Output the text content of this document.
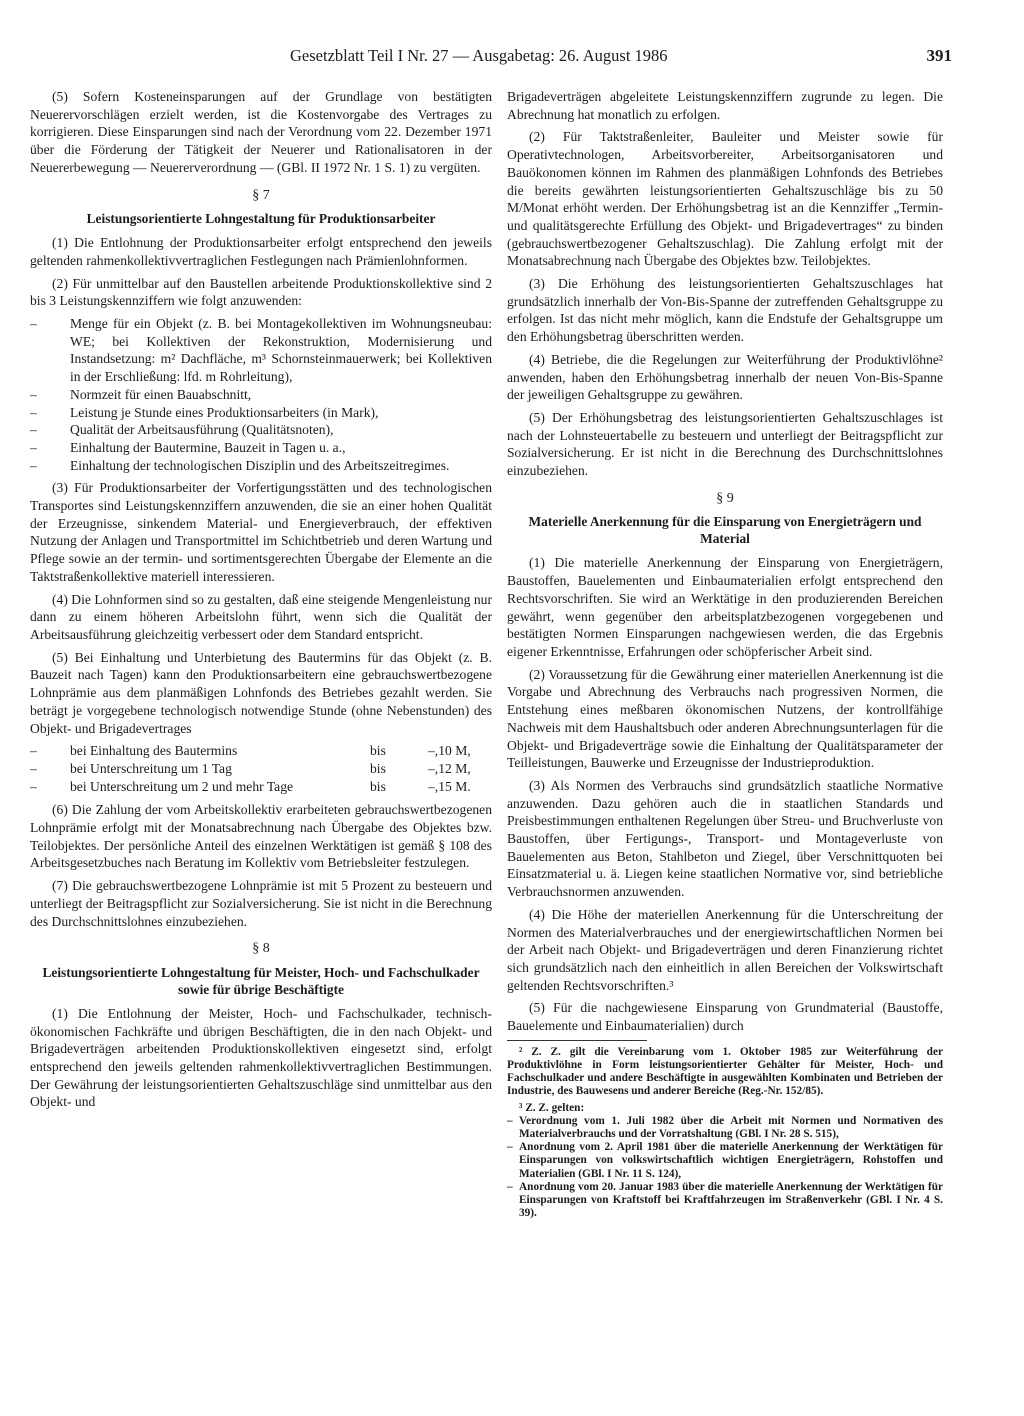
Gesetzblatt Teil I Nr. 27 — Ausgabetag: 26. August 1986	391

(5) Sofern Kosteneinsparungen auf der Grundlage von bestätigten Neuerervorschlägen erzielt werden, ist die Kostenvorgabe des Vertrages zu korrigieren. Diese Einsparungen sind nach der Verordnung vom 22. Dezember 1971 über die Förderung der Tätigkeit der Neuerer und Rationalisatoren in der Neuererbewegung — Neuererverordnung — (GBl. II 1972 Nr. 1 S. 1) zu vergüten.

§ 7
Leistungsorientierte Lohngestaltung für Produktionsarbeiter

(1) Die Entlohnung der Produktionsarbeiter erfolgt entsprechend den jeweils geltenden rahmenkollektivvertraglichen Festlegungen nach Prämienlohnformen.

(2) Für unmittelbar auf den Baustellen arbeitende Produktionskollektive sind 2 bis 3 Leistungskennziffern wie folgt anzuwenden:

– Menge für ein Objekt (z. B. bei Montagekollektiven im Wohnungsneubau: WE; bei Kollektiven der Rekonstruktion, Modernisierung und Instandsetzung: m² Dachfläche, m³ Schornsteinmauerwerk; bei Kollektiven in der Erschließung: lfd. m Rohrleitung),
– Normzeit für einen Bauabschnitt,
– Leistung je Stunde eines Produktionsarbeiters (in Mark),
– Qualität der Arbeitsausführung (Qualitätsnoten),
– Einhaltung der Bautermine, Bauzeit in Tagen u. a.,
– Einhaltung der technologischen Disziplin und des Arbeitszeitregimes.

(3) Für Produktionsarbeiter der Vorfertigungsstätten und des technologischen Transportes sind Leistungskennziffern anzuwenden, die sie an einer hohen Qualität der Erzeugnisse, sinkendem Material- und Energieverbrauch, der effektiven Nutzung der Anlagen und Transportmittel im Schichtbetrieb und deren Wartung und Pflege sowie an der termin- und sortimentsgerechten Übergabe der Elemente an die Taktstraßenkollektive materiell interessieren.

(4) Die Lohnformen sind so zu gestalten, daß eine steigende Mengenleistung nur dann zu einem höheren Arbeitslohn führt, wenn sich die Qualität der Arbeitsausführung gleichzeitig verbessert oder dem Standard entspricht.

(5) Bei Einhaltung und Unterbietung des Bautermins für das Objekt (z. B. Bauzeit nach Tagen) kann den Produktionsarbeitern eine gebrauchswertbezogene Lohnprämie aus dem planmäßigen Lohnfonds des Betriebes gezahlt werden. Sie beträgt je vorgegebene technologisch notwendige Stunde (ohne Nebenstunden) des Objekt- und Brigadevertrages

– bei Einhaltung des Bautermins	bis	–,10 M,
– bei Unterschreitung um 1 Tag	bis	–,12 M,
– bei Unterschreitung um 2 und mehr Tage	bis	–,15 M.

(6) Die Zahlung der vom Arbeitskollektiv erarbeiteten gebrauchswertbezogenen Lohnprämie erfolgt mit der Monatsabrechnung nach Übergabe des Objektes bzw. Teilobjektes. Der persönliche Anteil des einzelnen Werktätigen ist gemäß § 108 des Arbeitsgesetzbuches nach Beratung im Kollektiv vom Betriebsleiter festzulegen.

(7) Die gebrauchswertbezogene Lohnprämie ist mit 5 Prozent zu besteuern und unterliegt der Beitragspflicht zur Sozialversicherung. Sie ist nicht in die Berechnung des Durchschnittslohnes einzubeziehen.

§ 8
Leistungsorientierte Lohngestaltung für Meister, Hoch- und Fachschulkader sowie für übrige Beschäftigte

(1) Die Entlohnung der Meister, Hoch- und Fachschulkader, technisch-ökonomischen Fachkräfte und übrigen Beschäftigten, die in den nach Objekt- und Brigadeverträgen arbeitenden Produktionskollektiven eingesetzt sind, erfolgt entsprechend den jeweils geltenden rahmenkollektivvertraglichen Bestimmungen. Der Gewährung der leistungsorientierten Gehaltszuschläge sind unmittelbar aus den Objekt- und

Brigadeverträgen abgeleitete Leistungskennziffern zugrunde zu legen. Die Abrechnung hat monatlich zu erfolgen.

(2) Für Taktstraßenleiter, Bauleiter und Meister sowie für Operativtechnologen, Arbeitsvorbereiter, Arbeitsorganisatoren und Bauökonomen können im Rahmen des planmäßigen Lohnfonds des Betriebes die bereits gewährten leistungsorientierten Gehaltszuschläge bis zu 50 M/Monat erhöht werden. Der Erhöhungsbetrag ist an die Kennziffer „Termin- und qualitätsgerechte Erfüllung des Objekt- und Brigadevertrages“ zu binden (gebrauchswertbezogener Gehaltszuschlag). Die Zahlung erfolgt mit der Monatsabrechnung nach Übergabe des Objektes bzw. Teilobjektes.

(3) Die Erhöhung des leistungsorientierten Gehaltszuschlages hat grundsätzlich innerhalb der Von-Bis-Spanne der zutreffenden Gehaltsgruppe zu erfolgen. Ist das nicht mehr möglich, kann die Endstufe der Gehaltsgruppe um den Erhöhungsbetrag überschritten werden.

(4) Betriebe, die die Regelungen zur Weiterführung der Produktivlöhne² anwenden, haben den Erhöhungsbetrag innerhalb der neuen Von-Bis-Spanne der jeweiligen Gehaltsgruppe zu gewähren.

(5) Der Erhöhungsbetrag des leistungsorientierten Gehaltszuschlages ist nach der Lohnsteuertabelle zu besteuern und unterliegt der Beitragspflicht zur Sozialversicherung. Er ist nicht in die Berechnung des Durchschnittslohnes einzubeziehen.

§ 9
Materielle Anerkennung für die Einsparung von Energieträgern und Material

(1) Die materielle Anerkennung der Einsparung von Energieträgern, Baustoffen, Bauelementen und Einbaumaterialien erfolgt entsprechend den Rechtsvorschriften. Sie wird an Werktätige in den produzierenden Bereichen gewährt, wenn gegenüber den arbeitsplatzbezogenen vorgegebenen und bestätigten Normen Einsparungen nachgewiesen werden, die das Ergebnis eigener Erkenntnisse, Erfahrungen oder schöpferischer Arbeit sind.

(2) Voraussetzung für die Gewährung einer materiellen Anerkennung ist die Vorgabe und Abrechnung des Verbrauchs nach progressiven Normen, die Entstehung eines meßbaren ökonomischen Nutzens, der kontrollfähige Nachweis mit dem Haushaltsbuch oder anderen Abrechnungsunterlagen für die Objekt- und Brigadeverträge sowie die Einhaltung der Qualitätsparameter der Teilleistungen, Bauwerke und Erzeugnisse der Industrieproduktion.

(3) Als Normen des Verbrauchs sind grundsätzlich staatliche Normative anzuwenden. Dazu gehören auch die in staatlichen Standards und Preisbestimmungen enthaltenen Regelungen über Streu- und Bruchverluste von Baustoffen, über Fertigungs-, Transport- und Montageverluste von Bauelementen aus Beton, Stahlbeton und Ziegel, über Verschnittquoten bei Einsatzmaterial u. ä. Liegen keine staatlichen Normative vor, sind betriebliche Verbrauchsnormen anzuwenden.

(4) Die Höhe der materiellen Anerkennung für die Unterschreitung der Normen des Materialverbrauches und der energiewirtschaftlichen Normen bei der Arbeit nach Objekt- und Brigadeverträgen und deren Finanzierung richtet sich grundsätzlich nach den einheitlich in allen Bereichen der Volkswirtschaft geltenden Rechtsvorschriften.³

(5) Für die nachgewiesene Einsparung von Grundmaterial (Baustoffe, Bauelemente und Einbaumaterialien) durch

² Z. Z. gilt die Vereinbarung vom 1. Oktober 1985 zur Weiterführung der Produktivlöhne in Form leistungsorientierter Gehälter für Meister, Hoch- und Fachschulkader und andere Beschäftigte in ausgewählten Kombinaten und Betrieben der Industrie, des Bauwesens und anderer Bereiche (Reg.-Nr. 152/85).

³ Z. Z. gelten:

– Verordnung vom 1. Juli 1982 über die Arbeit mit Normen und Normativen des Materialverbrauchs und der Vorratshaltung (GBl. I Nr. 28 S. 515),
– Anordnung vom 2. April 1981 über die materielle Anerkennung der Werktätigen für Einsparungen von volkswirtschaftlich wichtigen Energieträgern, Rohstoffen und Materialien (GBl. I Nr. 11 S. 124),
– Anordnung vom 20. Januar 1983 über die materielle Anerkennung der Werktätigen für Einsparungen von Kraftstoff bei Kraftfahrzeugen im Straßenverkehr (GBl. I Nr. 4 S. 39).
